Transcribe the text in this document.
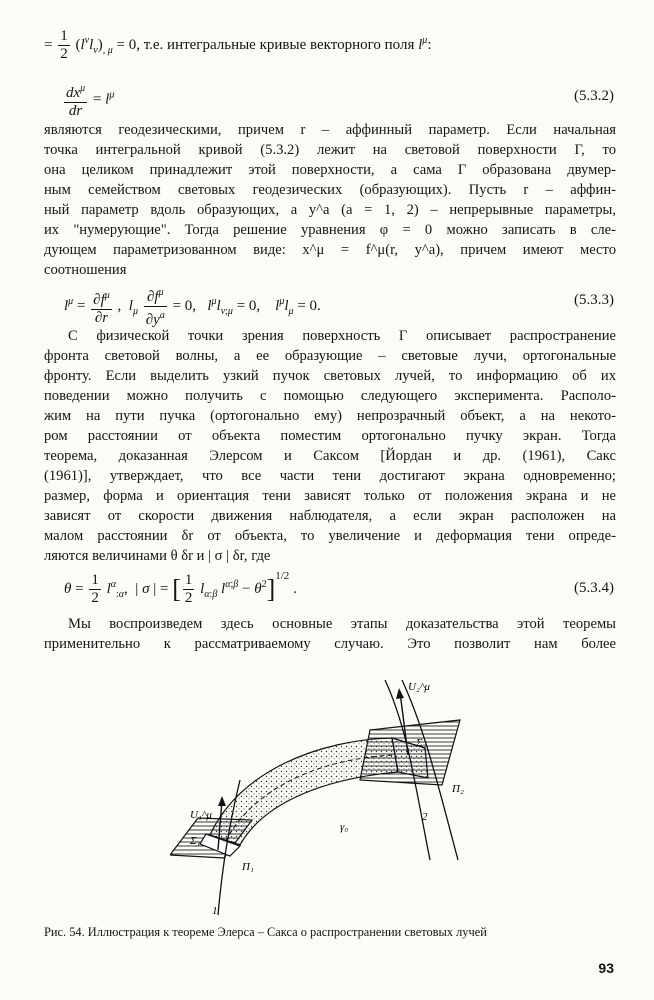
= $\frac{1}{2} (l^\nu l_\nu)_{, \mu} = 0$, т.е. интегральные кривые векторного поля $l^\mu$:
$\frac{dx^\mu}{dr} = l^\mu$	(5.3.2)
являются геодезическими, причем r – аффинный параметр. Если начальная
точка интегральной кривой (5.3.2) лежит на световой поверхности Γ, то
она целиком принадлежит этой поверхности, а сама Γ образована двумер-
ным семейством световых геодезических (образующих). Пусть r – аффин-
ный параметр вдоль образующих, а y^a (a = 1, 2) – непрерывные параметры,
их "нумерующие". Тогда решение уравнения φ = 0 можно записать в сле-
дующем параметризованном виде: x^μ = f^μ(r, y^a), причем имеют место
соотношения
$l^\mu = \frac{\partial f^\mu}{\partial r}$ ,  $l_\mu \frac{\partial f^\mu}{\partial y^a} = 0$,   $l^\mu l_{\nu;\mu} = 0$,    $l^\mu l_\mu = 0$.	(5.3.3)
С физической точки зрения поверхность Γ описывает распространение
фронта световой волны, а ее образующие – световые лучи, ортогональные
фронту. Если выделить узкий пучок световых лучей, то информацию об их
поведении можно получить с помощью следующего эксперимента. Располо-
жим на пути пучка (ортогонально ему) непрозрачный объект, а на некото-
ром расстоянии от объекта поместим ортогонально пучку экран. Тогда
теорема, доказанная Элерсом и Саксом [Йордан и др. (1961), Сакс
(1961)], утверждает, что все части тени достигают экрана одновременно;
размер, форма и ориентация тени зависят только от положения экрана и не
зависят от скорости движения наблюдателя, а если экран расположен на
малом расстоянии δr от объекта, то увеличение и деформация тени опреде-
ляются величинами θ δr и | σ | δr, где
$\theta = \frac{1}{2} l^\alpha_{:\alpha}$,  | σ | = [ $\frac{1}{2} l_{\alpha:\beta}$ $l^{\alpha;\beta} - \theta^2]^{1/2}$ .	(5.3.4)
Мы воспроизведем здесь основные этапы доказательства этой теоремы
применительно к рассматриваемому случаю. Это позволит нам более
U₂^μ
Σ₂
Π₂
2
γ₀
U₁^μ
Σ₁
Π₁
1
Рис. 54. Иллюстрация к теореме Элерса – Сакса о распространении световых лучей
93
